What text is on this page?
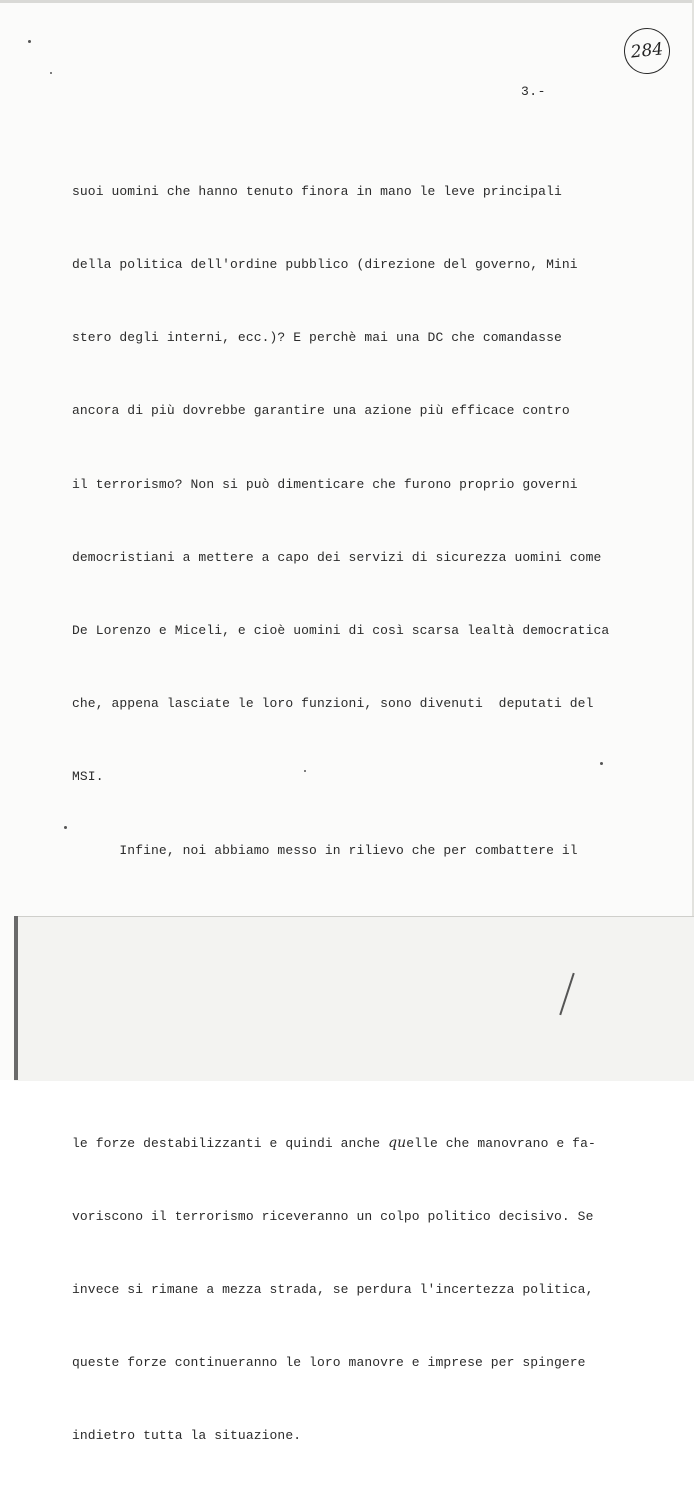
284
3.-

suoi uomini che hanno tenuto finora in mano le leve principali

della politica dell'ordine pubblico (direzione del governo, Mini

stero degli interni, ecc.)? E perchè mai una DC che comandasse

ancora di più dovrebbe garantire una azione più efficace contro

il terrorismo? Non si può dimenticare che furono proprio governi

democristiani a mettere a capo dei servizi di sicurezza uomini come

De Lorenzo e Miceli, e cioè uomini di così scarsa lealtà democratica

che, appena lasciate le loro funzioni, sono divenuti  deputati del

MSI.

Infine, noi abbiamo messo in rilievo che per combattere il

le forze destabilizzanti e quindi anche quelle che manovrano e fa-

voriscono il terrorismo riceveranno un colpo politico decisivo. Se

invece si rimane a mezza strada, se perdura l'incertezza politica,

queste forze continueranno le loro manovre e imprese per spingere

indietro tutta la situazione.
